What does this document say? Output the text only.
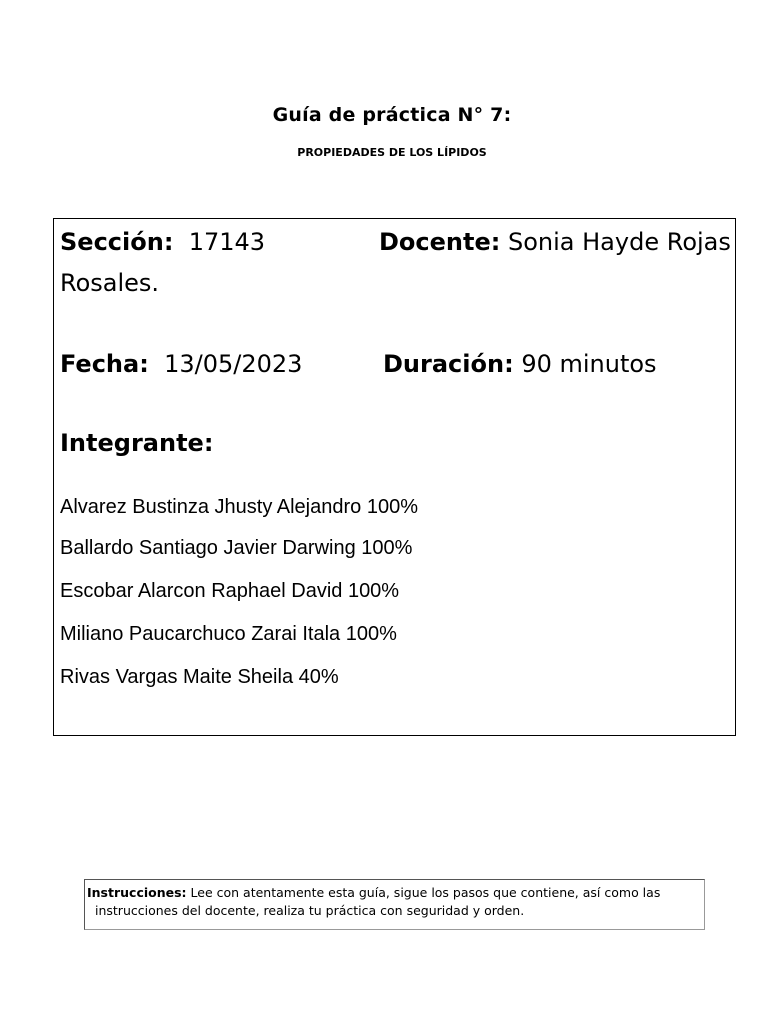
Guía de práctica N° 7:
PROPIEDADES DE LOS LÍPIDOS
Sección: 17143	Docente: Sonia Hayde Rojas
Rosales.
Fecha: 13/05/2023	Duración: 90 minutos
Integrante:
Alvarez Bustinza Jhusty Alejandro 100%
Ballardo Santiago Javier Darwing 100%
Escobar Alarcon Raphael David 100%
Miliano Paucarchuco Zarai Itala 100%
Rivas Vargas Maite Sheila 40%
Instrucciones: Lee con atentamente esta guía, sigue los pasos que contiene, así como las
instrucciones del docente, realiza tu práctica con seguridad y orden.
